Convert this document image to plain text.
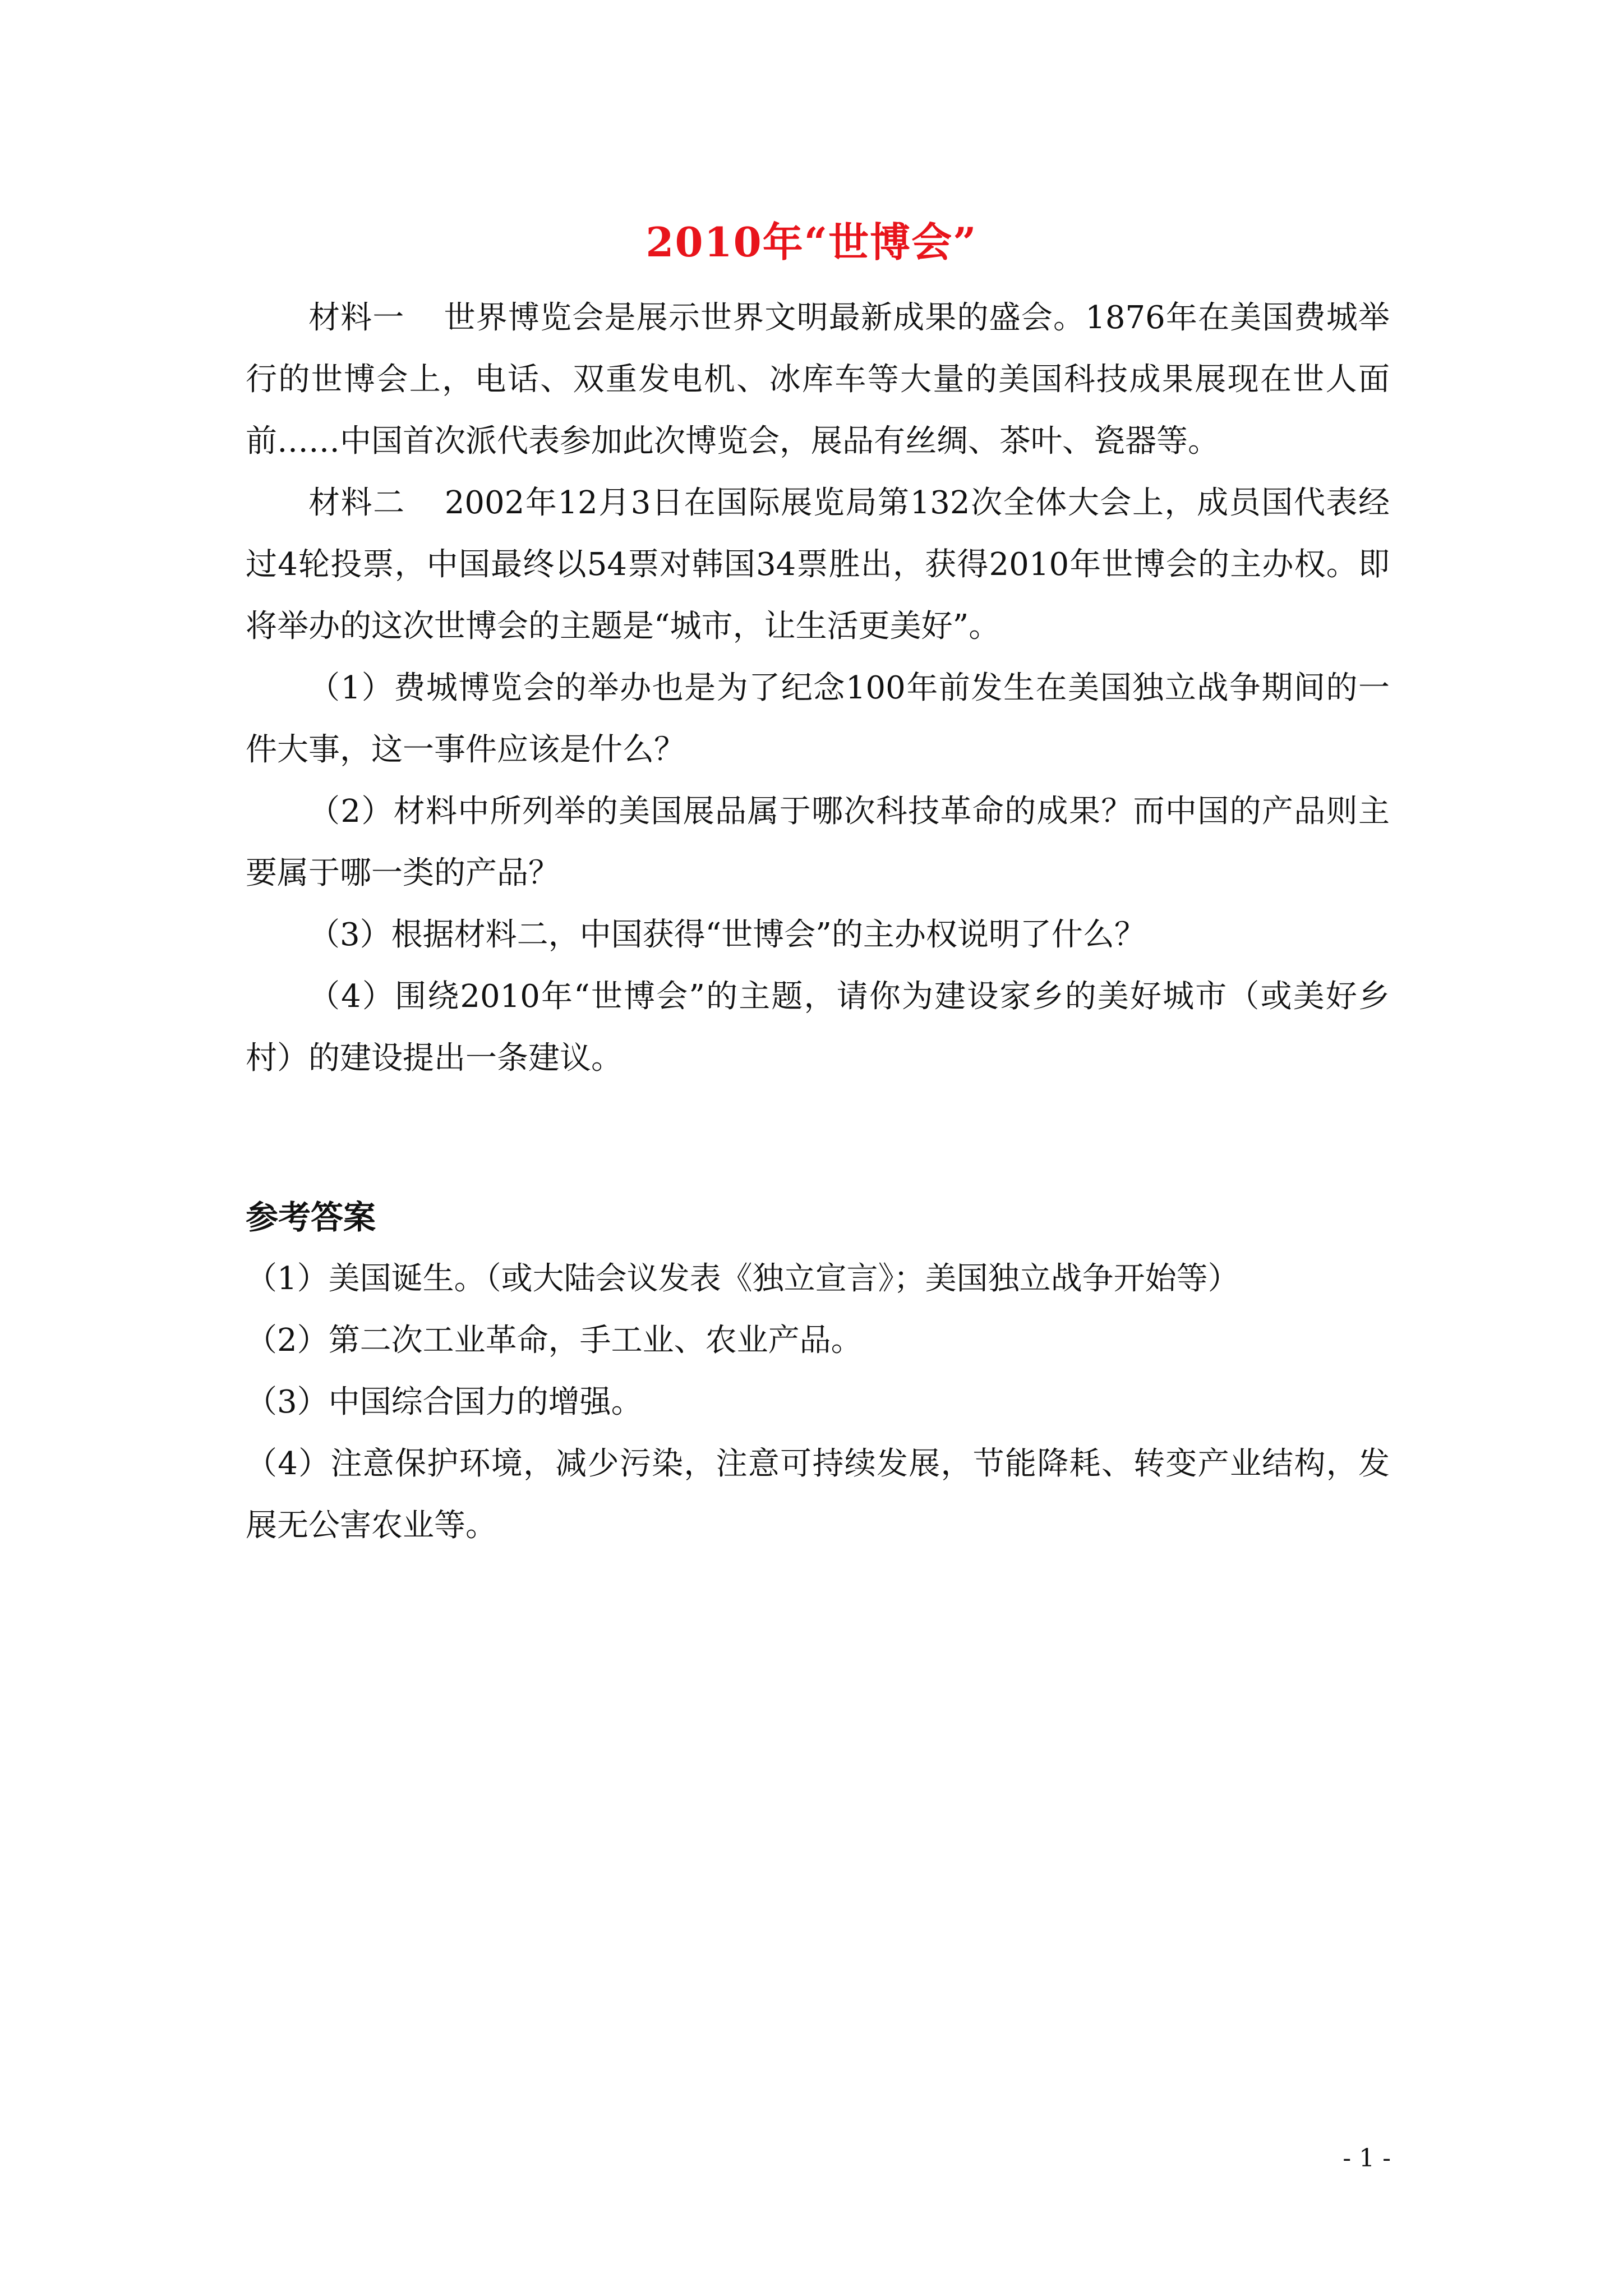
2010年“世博会”

材料一 世界博览会是展示世界文明最新成果的盛会。1876年在美国费城举行的世博会上，电话、双重发电机、冰库车等大量的美国科技成果展现在世人面前……中国首次派代表参加此次博览会，展品有丝绸、茶叶、瓷器等。

材料二 2002年12月3日在国际展览局第132次全体大会上，成员国代表经过4轮投票，中国最终以54票对韩国34票胜出，获得2010年世博会的主办权。即将举办的这次世博会的主题是“城市，让生活更美好”。

（1）费城博览会的举办也是为了纪念100年前发生在美国独立战争期间的一件大事，这一事件应该是什么？

（2）材料中所列举的美国展品属于哪次科技革命的成果？而中国的产品则主要属于哪一类的产品？

（3）根据材料二，中国获得“世博会”的主办权说明了什么？

（4）围绕2010年“世博会”的主题，请你为建设家乡的美好城市（或美好乡村）的建设提出一条建议。

参考答案

（1）美国诞生。（或大陆会议发表《独立宣言》；美国独立战争开始等）

（2）第二次工业革命，手工业、农业产品。

（3）中国综合国力的增强。

（4）注意保护环境，减少污染，注意可持续发展，节能降耗、转变产业结构，发展无公害农业等。

- 1 -
